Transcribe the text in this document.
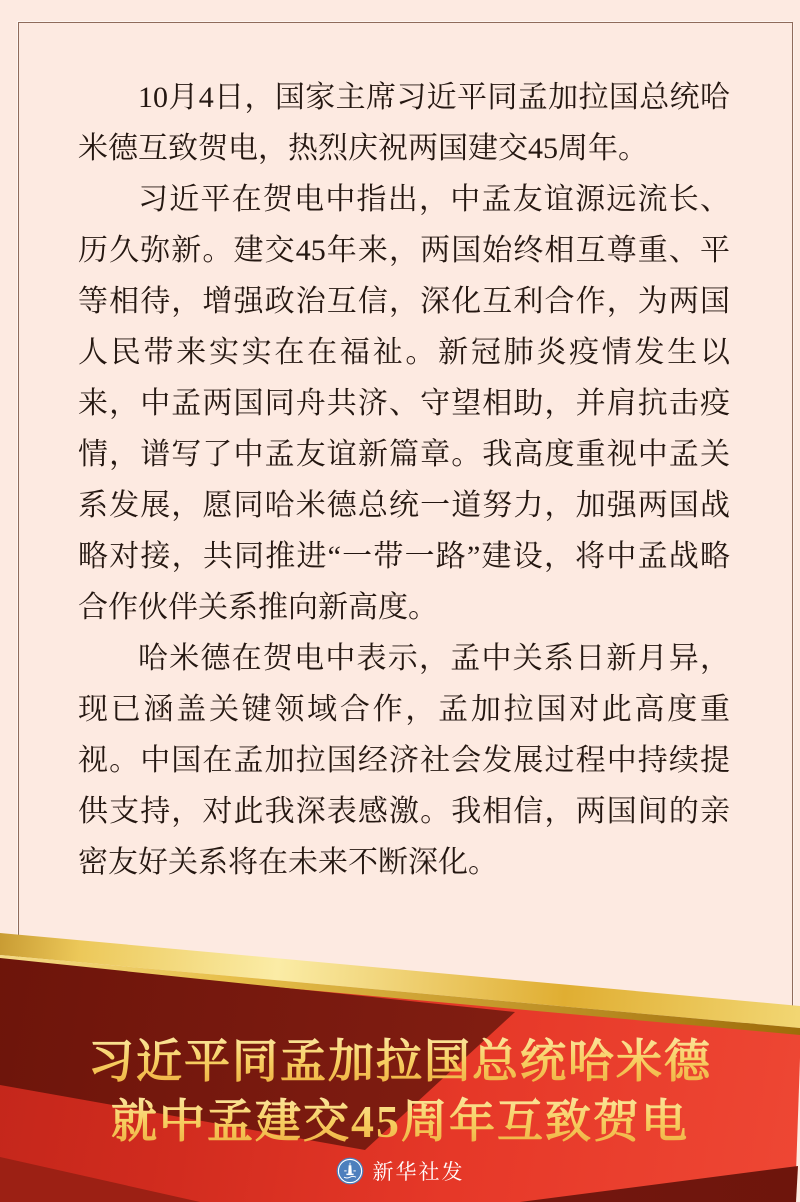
10月4日，国家主席习近平同孟加拉国总统哈米德互致贺电，热烈庆祝两国建交45周年。

习近平在贺电中指出，中孟友谊源远流长、历久弥新。建交45年来，两国始终相互尊重、平等相待，增强政治互信，深化互利合作，为两国人民带来实实在在福祉。新冠肺炎疫情发生以来，中孟两国同舟共济、守望相助，并肩抗击疫情，谱写了中孟友谊新篇章。我高度重视中孟关系发展，愿同哈米德总统一道努力，加强两国战略对接，共同推进“一带一路”建设，将中孟战略合作伙伴关系推向新高度。

哈米德在贺电中表示，孟中关系日新月异，现已涵盖关键领域合作，孟加拉国对此高度重视。中国在孟加拉国经济社会发展过程中持续提供支持，对此我深表感激。我相信，两国间的亲密友好关系将在未来不断深化。

习近平同孟加拉国总统哈米德
就中孟建交45周年互致贺电
新华社发
